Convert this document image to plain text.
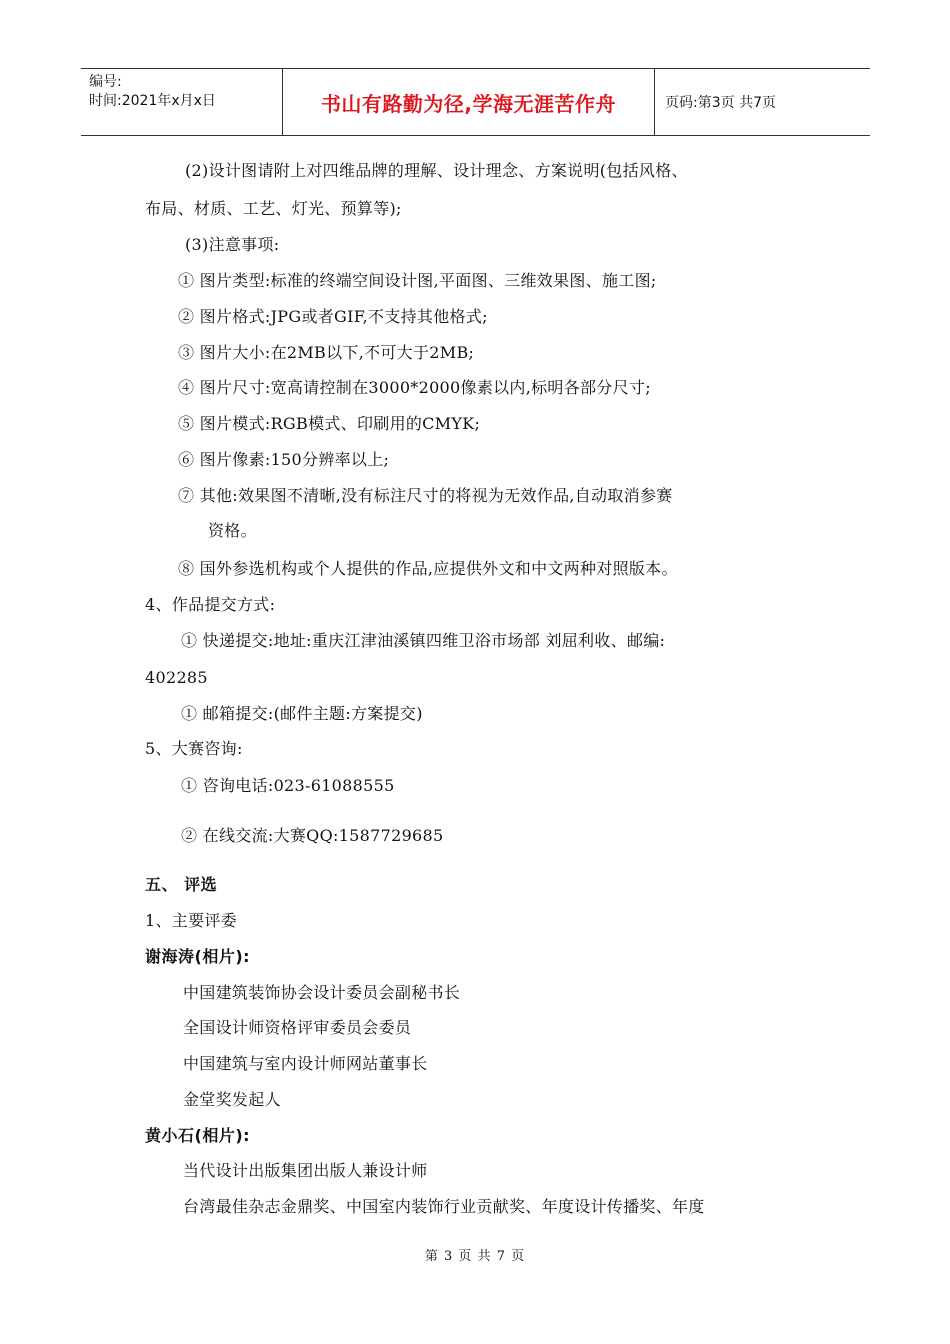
编号:
时间:2021年x月x日	书山有路勤为径,学海无涯苦作舟	页码:第3页 共7页
(2)设计图请附上对四维品牌的理解、设计理念、方案说明(包括风格、
布局、材质、工艺、灯光、预算等);
(3)注意事项:
① 图片类型:标准的终端空间设计图,平面图、三维效果图、施工图;
② 图片格式:JPG或者GIF,不支持其他格式;
③ 图片大小:在2MB以下,不可大于2MB;
④ 图片尺寸:宽高请控制在3000*2000像素以内,标明各部分尺寸;
⑤ 图片模式:RGB模式、印刷用的CMYK;
⑥ 图片像素:150分辨率以上;
⑦ 其他:效果图不清晰,没有标注尺寸的将视为无效作品,自动取消参赛
资格。
⑧ 国外参选机构或个人提供的作品,应提供外文和中文两种对照版本。
4、作品提交方式:
① 快递提交:地址:重庆江津油溪镇四维卫浴市场部 刘屈利收、邮编:
402285
① 邮箱提交:(邮件主题:方案提交)
5、大赛咨询:
① 咨询电话:023-61088555
② 在线交流:大赛QQ:1587729685
五、 评选
1、主要评委
谢海涛(相片):
中国建筑装饰协会设计委员会副秘书长
全国设计师资格评审委员会委员
中国建筑与室内设计师网站董事长
金堂奖发起人
黄小石(相片):
当代设计出版集团出版人兼设计师
台湾最佳杂志金鼎奖、中国室内装饰行业贡献奖、年度设计传播奖、年度
第 3 页 共 7 页
